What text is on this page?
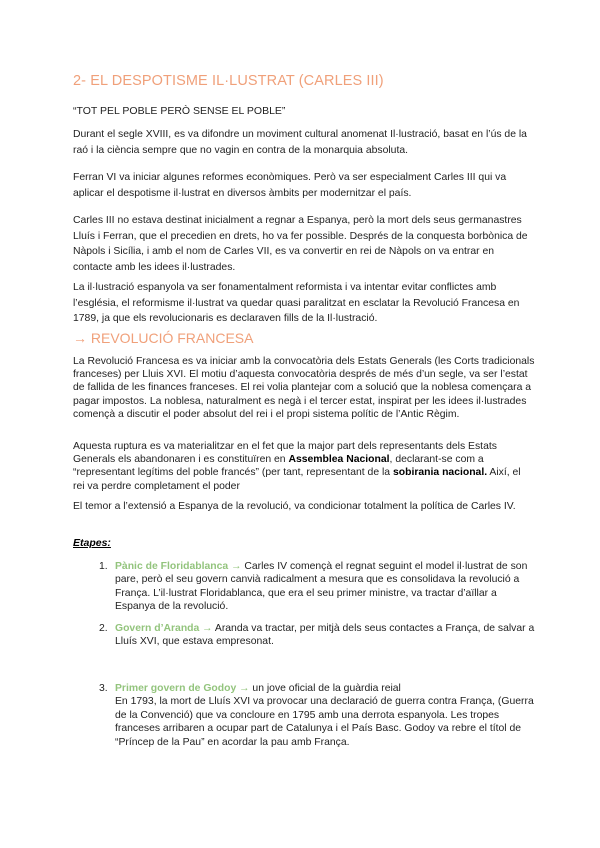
2- EL DESPOTISME IL·LUSTRAT (CARLES III)
“TOT PEL POBLE PERÒ SENSE EL POBLE”

Durant el segle XVIII, es va difondre un moviment cultural anomenat Il·lustració, basat en l’ús de la raó i la ciència sempre que no vagin en contra de la monarquia absoluta.

Ferran VI va iniciar algunes reformes econòmiques. Però va ser especialment Carles III qui va aplicar el despotisme il·lustrat en diversos àmbits per modernitzar el país.

Carles III no estava destinat inicialment a regnar a Espanya, però la mort dels seus germanastres Lluís i Ferran, que el precedien en drets, ho va fer possible. Després de la conquesta borbònica de Nàpols i Sicília, i amb el nom de Carles VII, es va convertir en rei de Nàpols on va entrar en contacte amb les idees il·lustrades.

La il·lustració espanyola va ser fonamentalment reformista i va intentar evitar conflictes amb l’església, el reformisme il·lustrat va quedar quasi paralitzat en esclatar la Revolució Francesa en 1789, ja que els revolucionaris es declaraven fills de la Il·lustració.

→ REVOLUCIÓ FRANCESA

La Revolució Francesa es va iniciar amb la convocatòria dels Estats Generals (les Corts tradicionals franceses) per Lluis XVI. El motiu d’aquesta convocatòria després de més d’un segle, va ser l’estat de fallida de les finances franceses. El rei volia plantejar com a solució que la noblesa començara a pagar impostos. La noblesa, naturalment es negà i el tercer estat, inspirat per les idees il·lustrades començà a discutir el poder absolut del rei i el propi sistema polític de l’Antic Règim.

Aquesta ruptura es va materialitzar en el fet que la major part dels representants dels Estats Generals els abandonaren i es constituïren en Assemblea Nacional, declarant-se com a “representant legítims del poble francés” (per tant, representant de la sobirania nacional. Així, el rei va perdre completament el poder

El temor a l’extensió a Espanya de la revolució, va condicionar totalment la política de Carles IV.

Etapes:
1. Pànic de Floridablanca → Carles IV començà el regnat seguint el model il·lustrat de son pare, però el seu govern canvià radicalment a mesura que es consolidava la revolució a França. L’il·lustrat Floridablanca, que era el seu primer ministre, va tractar d’aïllar a Espanya de la revolució.
2. Govern d’Aranda → Aranda va tractar, per mitjà dels seus contactes a França, de salvar a Lluís XVI, que estava empresonat.
3. Primer govern de Godoy → un jove oficial de la guàrdia reial
En 1793, la mort de Lluís XVI va provocar una declaració de guerra contra França, (Guerra de la Convenció) que va concloure en 1795 amb una derrota espanyola. Les tropes franceses arribaren a ocupar part de Catalunya i el País Basc. Godoy va rebre el títol de “Príncep de la Pau” en acordar la pau amb França.
